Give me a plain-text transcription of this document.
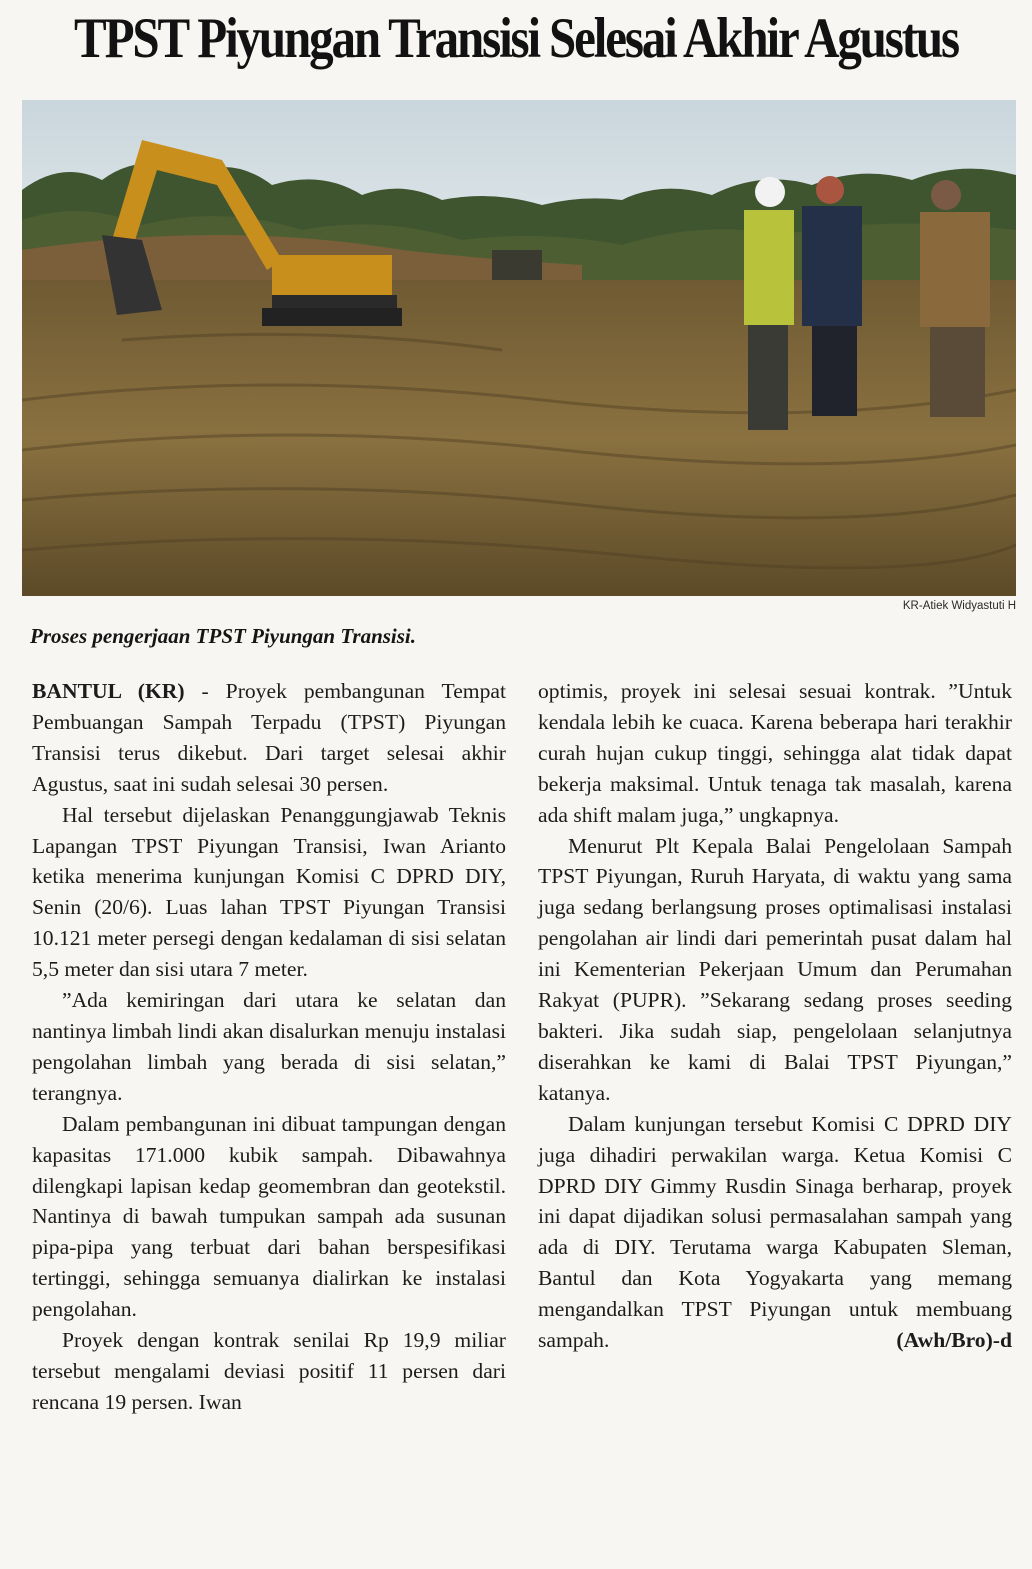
TPST Piyungan Transisi Selesai Akhir Agustus
KR-Atiek Widyastuti H
Proses pengerjaan TPST Piyungan Transisi.

BANTUL (KR) - Proyek pembangunan Tempat Pembuangan Sampah Terpadu (TPST) Piyungan Transisi terus dikebut. Dari target selesai akhir Agustus, saat ini sudah selesai 30 persen.

Hal tersebut dijelaskan Penanggungjawab Teknis Lapangan TPST Piyungan Transisi, Iwan Arianto ketika menerima kunjungan Komisi C DPRD DIY, Senin (20/6). Luas lahan TPST Piyungan Transisi 10.121 meter persegi dengan kedalaman di sisi selatan 5,5 meter dan sisi utara 7 meter.

”Ada kemiringan dari utara ke selatan dan nantinya limbah lindi akan disalurkan menuju instalasi pengolahan limbah yang berada di sisi selatan,” terangnya.

Dalam pembangunan ini dibuat tampungan dengan kapasitas 171.000 kubik sampah. Dibawahnya dilengkapi lapisan kedap geomembran dan geotekstil. Nantinya di bawah tumpukan sampah ada susunan pipa-pipa yang terbuat dari bahan berspesifikasi tertinggi, sehingga semuanya dialirkan ke instalasi pengolahan.

Proyek dengan kontrak senilai Rp 19,9 miliar tersebut mengalami deviasi positif 11 persen dari rencana 19 persen. Iwan

optimis, proyek ini selesai sesuai kontrak. ”Untuk kendala lebih ke cuaca. Karena beberapa hari terakhir curah hujan cukup tinggi, sehingga alat tidak dapat bekerja maksimal. Untuk tenaga tak masalah, karena ada shift malam juga,” ungkapnya.

Menurut Plt Kepala Balai Pengelolaan Sampah TPST Piyungan, Ruruh Haryata, di waktu yang sama juga sedang berlangsung proses optimalisasi instalasi pengolahan air lindi dari pemerintah pusat dalam hal ini Kementerian Pekerjaan Umum dan Perumahan Rakyat (PUPR). ”Sekarang sedang proses seeding bakteri. Jika sudah siap, pengelolaan selanjutnya diserahkan ke kami di Balai TPST Piyungan,” katanya.

Dalam kunjungan tersebut Komisi C DPRD DIY juga dihadiri perwakilan warga. Ketua Komisi C DPRD DIY Gimmy Rusdin Sinaga berharap, proyek ini dapat dijadikan solusi permasalahan sampah yang ada di DIY. Terutama warga Kabupaten Sleman, Bantul dan Kota Yogyakarta yang memang mengandalkan TPST Piyungan untuk membuang sampah.	(Awh/Bro)-d
